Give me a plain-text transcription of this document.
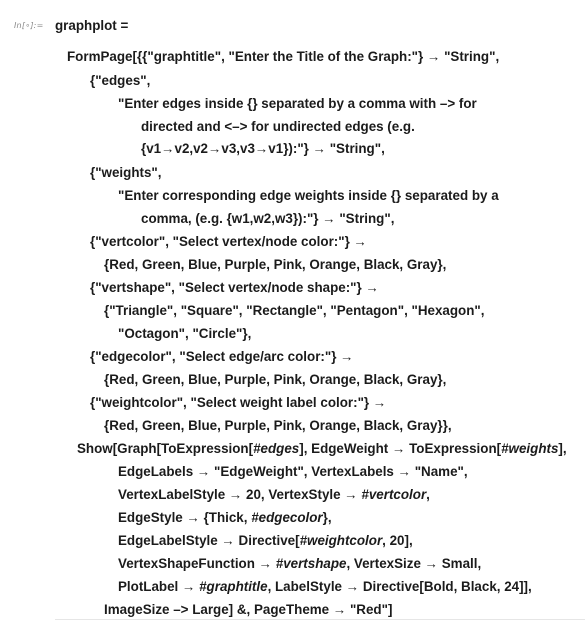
In[∘]:=

graphplot =

FormPage[{{"graphtitle", "Enter the Title of the Graph:"} → "String",

{"edges",

"Enter edges inside {} separated by a comma with –> for

directed and <–> for undirected edges (e.g.

{v1→v2,v2→v3,v3→v1}):"} → "String",

{"weights",

"Enter corresponding edge weights inside {} separated by a

comma, (e.g. {w1,w2,w3}):"} → "String",

{"vertcolor", "Select vertex/node color:"} →

{Red, Green, Blue, Purple, Pink, Orange, Black, Gray},

{"vertshape", "Select vertex/node shape:"} →

{"Triangle", "Square", "Rectangle", "Pentagon", "Hexagon",

"Octagon", "Circle"},

{"edgecolor", "Select edge/arc color:"} →

{Red, Green, Blue, Purple, Pink, Orange, Black, Gray},

{"weightcolor", "Select weight label color:"} →

{Red, Green, Blue, Purple, Pink, Orange, Black, Gray}},

Show[Graph[ToExpression[#edges], EdgeWeight → ToExpression[#weights],

EdgeLabels → "EdgeWeight", VertexLabels → "Name",

VertexLabelStyle → 20, VertexStyle → #vertcolor,

EdgeStyle → {Thick, #edgecolor},

EdgeLabelStyle → Directive[#weightcolor, 20],

VertexShapeFunction → #vertshape, VertexSize → Small,

PlotLabel → #graphtitle, LabelStyle → Directive[Bold, Black, 24]],

ImageSize –> Large] &, PageTheme → "Red"]
